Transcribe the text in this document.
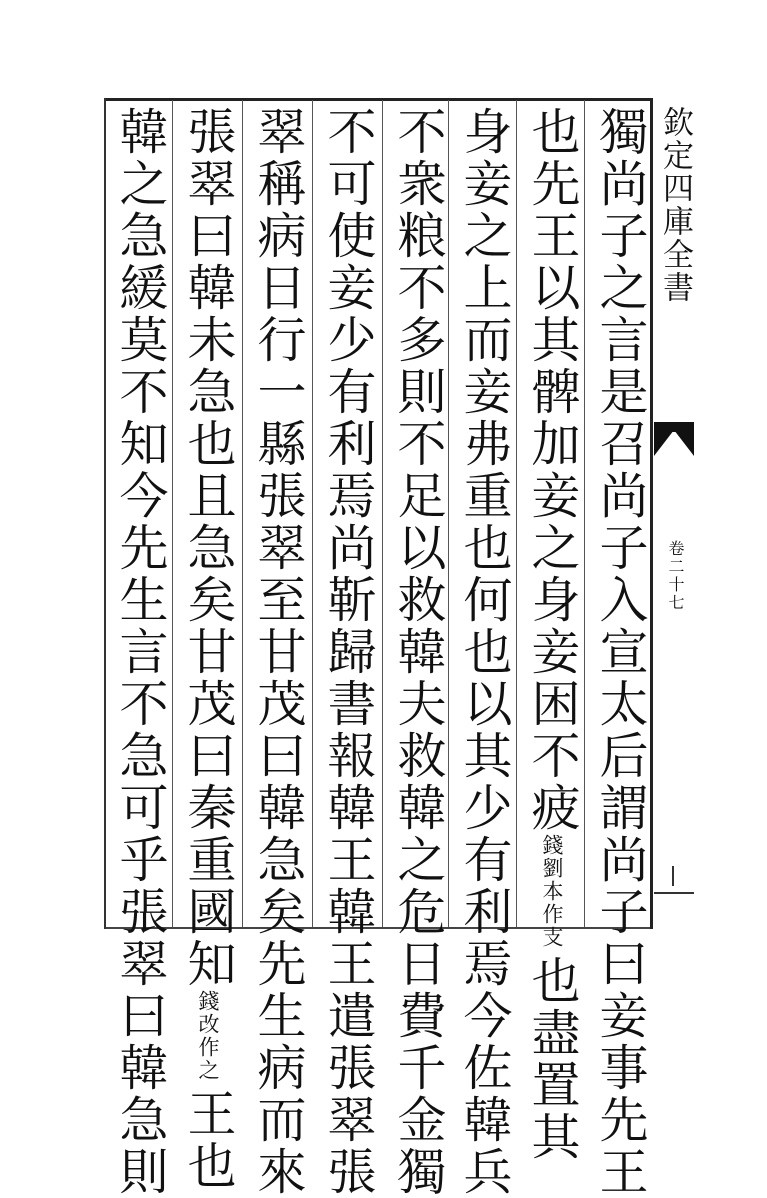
欽定四庫全書
卷二十七
獨尚子之言是召尚子入宣太后謂尚子曰妾事先王
也先王以其髀加妾之身妾困不疲錢劉本作支也盡置其
身妾之上而妾弗重也何也以其少有利焉今佐韓兵
不衆粮不多則不足以救韓夫救韓之危日費千金獨
不可使妾少有利焉尚靳歸書報韓王韓王遣張翠張
翠稱病日行一縣張翠至甘茂曰韓急矣先生病而來
張翠曰韓未急也且急矣甘茂曰秦重國知錢改作之王也
韓之急緩莫不知今先生言不急可乎張翠曰韓急則
